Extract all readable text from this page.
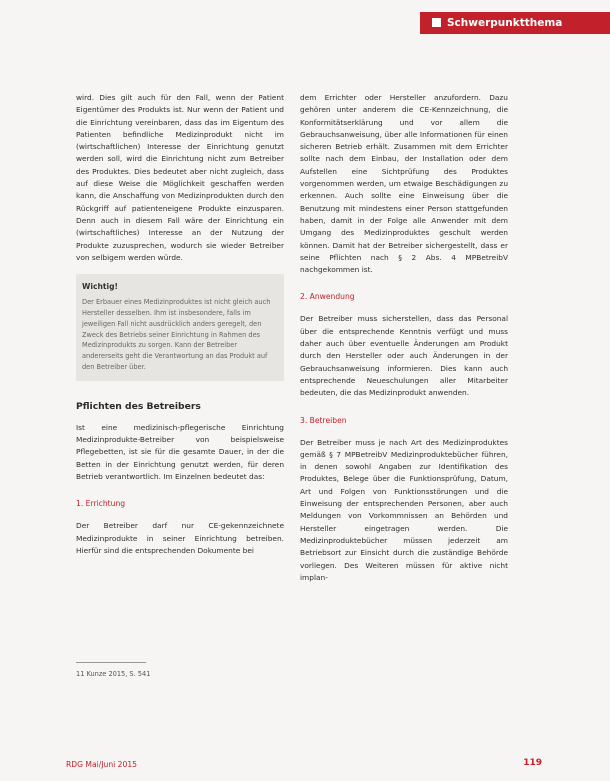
Schwerpunktthema

wird. Dies gilt auch für den Fall, wenn der Patient Eigentümer des Produkts ist. Nur wenn der Patient und die Einrichtung vereinbaren, dass das im Eigentum des Patienten befindliche Medizinprodukt nicht im (wirtschaftlichen) Interesse der Einrichtung genutzt werden soll, wird die Einrichtung nicht zum Betreiber des Produktes. Dies bedeutet aber nicht zugleich, dass auf diese Weise die Möglichkeit geschaffen werden kann, die Anschaffung von Medizinprodukten durch den Rückgriff auf patienteneigene Produkte einzusparen. Denn auch in diesem Fall wäre der Einrichtung ein (wirtschaftliches) Interesse an der Nutzung der Produkte zuzusprechen, wodurch sie wieder Betreiber von selbigem werden würde.

Wichtig!

Der Erbauer eines Medizinproduktes ist nicht gleich auch Hersteller desselben. Ihm ist insbesondere, falls im jeweiligen Fall nicht ausdrücklich anders geregelt, den Zweck des Betriebs seiner Einrichtung in Rahmen des Medizinprodukts zu sorgen. Kann der Betreiber andererseits geht die Verantwortung an das Produkt auf den Betreiber über.

Pflichten des Betreibers

Ist eine medizinisch-pflegerische Einrichtung Medizinprodukte-Betreiber von beispielsweise Pflegebetten, ist sie für die gesamte Dauer, in der die Betten in der Einrichtung genutzt werden, für deren Betrieb verantwortlich. Im Einzelnen bedeutet das:

1. Errichtung

Der Betreiber darf nur CE-gekennzeichnete Medizinprodukte in seiner Einrichtung betreiben. Hierfür sind die entsprechenden Dokumente bei

dem Errichter oder Hersteller anzufordern. Dazu gehören unter anderem die CE-Kennzeichnung, die Konformitätserklärung und vor allem die Gebrauchsanweisung, über alle Informationen für einen sicheren Betrieb erhält. Zusammen mit dem Errichter sollte nach dem Einbau, der Installation oder dem Aufstellen eine Sichtprüfung des Produktes vorgenommen werden, um etwaige Beschädigungen zu erkennen. Auch sollte eine Einweisung über die Benutzung mit mindestens einer Person stattgefunden haben, damit in der Folge alle Anwender mit dem Umgang des Medizinproduktes geschult werden können. Damit hat der Betreiber sichergestellt, dass er seine Pflichten nach § 2 Abs. 4 MPBetreibV nachgekommen ist.

2. Anwendung

Der Betreiber muss sicherstellen, dass das Personal über die entsprechende Kenntnis verfügt und muss daher auch über eventuelle Änderungen am Produkt durch den Hersteller oder auch Änderungen in der Gebrauchsanweisung informieren. Dies kann auch entsprechende Neueschulungen aller Mitarbeiter bedeuten, die das Medizinprodukt anwenden.

3. Betreiben

Der Betreiber muss je nach Art des Medizinproduktes gemäß § 7 MPBetreibV Medizinproduktebücher führen, in denen sowohl Angaben zur Identifikation des Produktes, Belege über die Funktionsprüfung, Datum, Art und Folgen von Funktionsstörungen und die Einweisung der entsprechenden Personen, aber auch Meldungen von Vorkommnissen an Behörden und Hersteller eingetragen werden. Die Medizinproduktebücher müssen jederzeit am Betriebsort zur Einsicht durch die zuständige Behörde vorliegen. Des Weiteren müssen für aktive nicht implan-

11 Kunze 2015, S. 541
RDG Mai/Juni 2015	119
